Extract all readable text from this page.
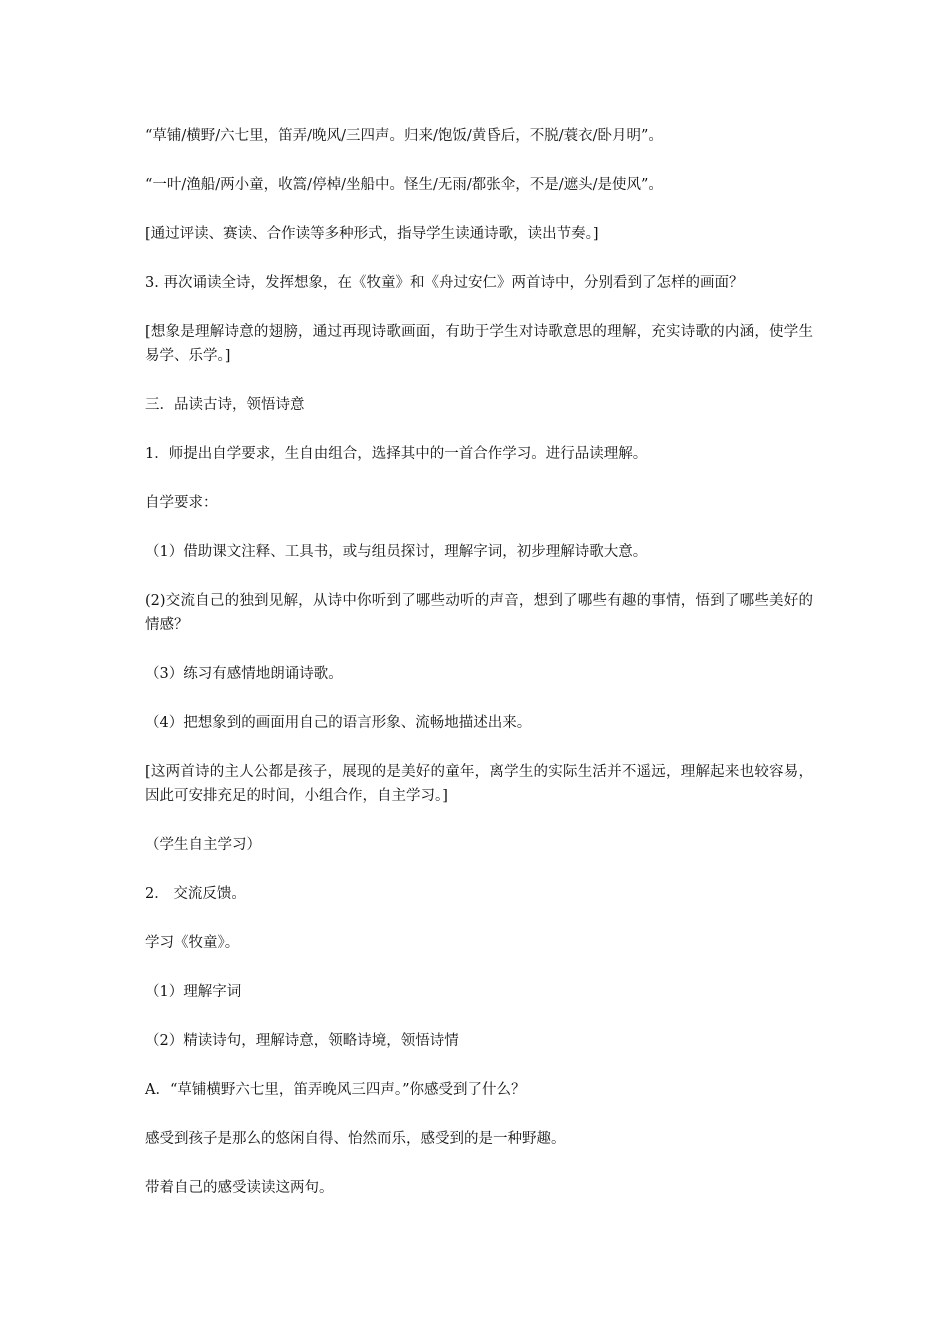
“草铺/横野/六七里，笛弄/晚风/三四声。归来/饱饭/黄昏后，不脱/蓑衣/卧月明”。

“一叶/渔船/两小童，收篙/停棹/坐船中。怪生/无雨/都张伞，不是/遮头/是使风”。

[通过评读、赛读、合作读等多种形式，指导学生读通诗歌，读出节奏。]

3. 再次诵读全诗，发挥想象，在《牧童》和《舟过安仁》两首诗中，分别看到了怎样的画面？

[想象是理解诗意的翅膀，通过再现诗歌画面，有助于学生对诗歌意思的理解，充实诗歌的内涵，使学生易学、乐学。]

三．品读古诗，领悟诗意

1．师提出自学要求，生自由组合，选择其中的一首合作学习。进行品读理解。

自学要求：

（1）借助课文注释、工具书，或与组员探讨，理解字词，初步理解诗歌大意。

(2)交流自己的独到见解，从诗中你听到了哪些动听的声音，想到了哪些有趣的事情，悟到了哪些美好的情感？

（3）练习有感情地朗诵诗歌。

（4）把想象到的画面用自己的语言形象、流畅地描述出来。

[这两首诗的主人公都是孩子，展现的是美好的童年，离学生的实际生活并不遥远，理解起来也较容易，因此可安排充足的时间，小组合作，自主学习。]

（学生自主学习）

2． 交流反馈。

学习《牧童》。

（1）理解字词

（2）精读诗句，理解诗意，领略诗境，领悟诗情

A．“草铺横野六七里，笛弄晚风三四声。”你感受到了什么？

感受到孩子是那么的悠闲自得、怡然而乐，感受到的是一种野趣。

带着自己的感受读读这两句。
